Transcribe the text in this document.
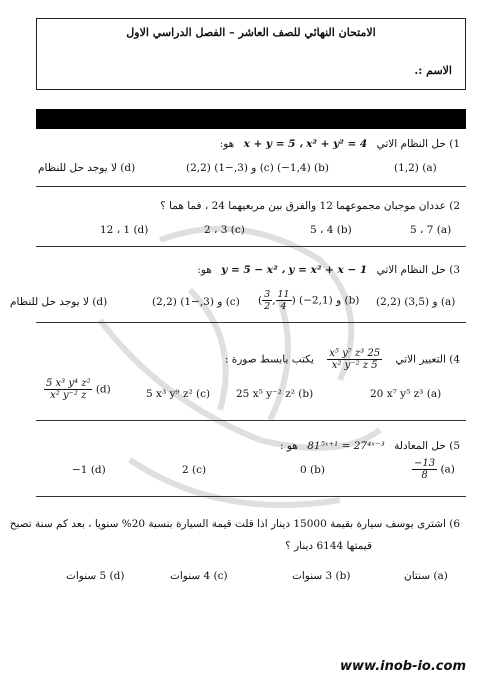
الامتحان النهائي للصف العاشر – الفصل الدراسي الاول
الاسم :.
1) حل النظام الاتي x + y = 5 ، x² + y² = 4 هو:
(1,2) (a)
(−1,4) (b)
(2,2) و (3,−1) (c)
(d) لا يوجد حل للنظام
2) عددان موجبان مجموعهما 12 والفرق بين مربعيهما 24 ، فما هما ؟
5 ، 7 (a)
5 ، 4 (b)
2 ، 3 (c)
12 ، 1 (d)
3) حل النظام الاتي y = 5 − x² ، y = x² + x − 1 هو:
(2,2) و (3,5) (a)
( $\frac{3}{2}$ , $\frac{11}{4}$ ) (−2,1) و (b)
(2,2) و (3,−1) (c)
(d) لا يوجد حل للنظام
4) التعبير الاتي
$\frac{\text{25 x⁵ y⁷ z³}}{\text{5 x² y⁻² z}}$
يكتب بابسط صورة :
20 x⁷ y⁵ z³ (a)
25 x⁵ y⁻² z² (b)
5 x³ y⁹ z² (c)
$\frac{\text{5 x³ y⁴ z²}}{\text{x² y⁻² z}} (d)$
5) حل المعادلة 81⁵ˣ⁺¹ = 27⁴ˣ⁻³ هو :
$\frac{-13}{8} (a)$
0 (b)
2 (c)
−1 (d)
6) اشترى يوسف سيارة بقيمة 15000 دينار اذا قلت قيمة السيارة بنسبة 20% سنويا ، بعد كم سنة تصبح
قيمتها 6144 دينار ؟
(a) سنتان
(b) 3 سنوات
(c) 4 سنوات
(d) 5 سنوات
www.inob-io.com
